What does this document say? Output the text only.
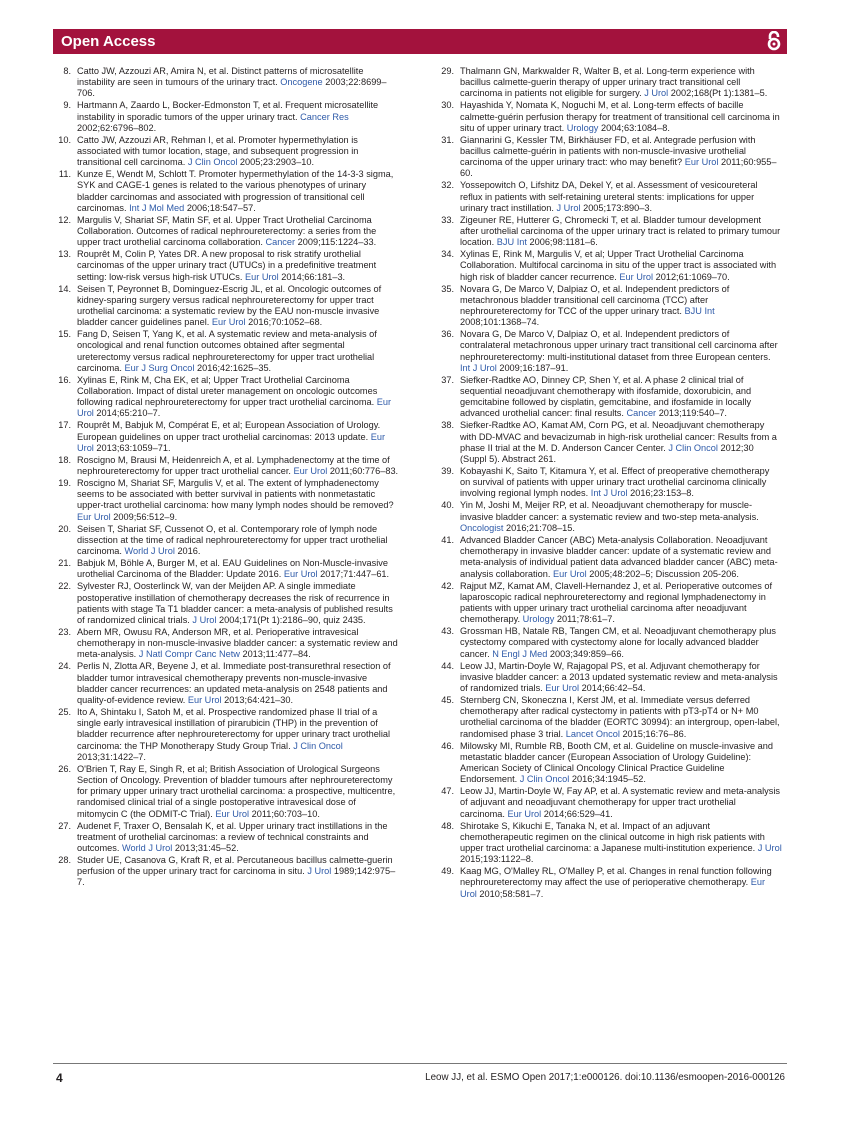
Open Access
8. Catto JW, Azzouzi AR, Amira N, et al. Distinct patterns of microsatellite instability are seen in tumours of the urinary tract. Oncogene 2003;22:8699–706.
9. Hartmann A, Zaardo L, Bocker-Edmonston T, et al. Frequent microsatellite instability in sporadic tumors of the upper urinary tract. Cancer Res 2002;62:6796–802.
10. Catto JW, Azzouzi AR, Rehman I, et al. Promoter hypermethylation is associated with tumor location, stage, and subsequent progression in transitional cell carcinoma. J Clin Oncol 2005;23:2903–10.
11. Kunze E, Wendt M, Schlott T. Promoter hypermethylation of the 14-3-3 sigma, SYK and CAGE-1 genes is related to the various phenotypes of urinary bladder carcinomas and associated with progression of transitional cell carcinomas. Int J Mol Med 2006;18:547–57.
12. Margulis V, Shariat SF, Matin SF, et al. Upper Tract Urothelial Carcinoma Collaboration. Outcomes of radical nephroureterectomy: a series from the upper tract urothelial carcinoma collaboration. Cancer 2009;115:1224–33.
13. Rouprêt M, Colin P, Yates DR. A new proposal to risk stratify urothelial carcinomas of the upper urinary tract (UTUCs) in a predefinitive treatment setting: low-risk versus high-risk UTUCs. Eur Urol 2014;66:181–3.
14. Seisen T, Peyronnet B, Dominguez-Escrig JL, et al. Oncologic outcomes of kidney-sparing surgery versus radical nephroureterectomy for upper tract urothelial carcinoma: a systematic review by the EAU non-muscle invasive bladder cancer guidelines panel. Eur Urol 2016;70:1052–68.
15. Fang D, Seisen T, Yang K, et al. A systematic review and meta-analysis of oncological and renal function outcomes obtained after segmental ureterectomy versus radical nephroureterectomy for upper tract urothelial carcinoma. Eur J Surg Oncol 2016;42:1625–35.
16. Xylinas E, Rink M, Cha EK, et al; Upper Tract Urothelial Carcinoma Collaboration. Impact of distal ureter management on oncologic outcomes following radical nephroureterectomy for upper tract urothelial carcinoma. Eur Urol 2014;65:210–7.
17. Rouprêt M, Babjuk M, Compérat E, et al; European Association of Urology. European guidelines on upper tract urothelial carcinomas: 2013 update. Eur Urol 2013;63:1059–71.
18. Roscigno M, Brausi M, Heidenreich A, et al. Lymphadenectomy at the time of nephroureterectomy for upper tract urothelial cancer. Eur Urol 2011;60:776–83.
19. Roscigno M, Shariat SF, Margulis V, et al. The extent of lymphadenectomy seems to be associated with better survival in patients with nonmetastatic upper-tract urothelial carcinoma: how many lymph nodes should be removed? Eur Urol 2009;56:512–9.
20. Seisen T, Shariat SF, Cussenot O, et al. Contemporary role of lymph node dissection at the time of radical nephroureterectomy for upper tract urothelial carcinoma. World J Urol 2016.
21. Babjuk M, Böhle A, Burger M, et al. EAU Guidelines on Non-Muscle-invasive urothelial Carcinoma of the Bladder: Update 2016. Eur Urol 2017;71:447–61.
22. Sylvester RJ, Oosterlinck W, van der Meijden AP. A single immediate postoperative instillation of chemotherapy decreases the risk of recurrence in patients with stage Ta T1 bladder cancer: a meta-analysis of published results of randomized clinical trials. J Urol 2004;171(Pt 1):2186–90, quiz 2435.
23. Abern MR, Owusu RA, Anderson MR, et al. Perioperative intravesical chemotherapy in non-muscle-invasive bladder cancer: a systematic review and meta-analysis. J Natl Compr Canc Netw 2013;11:477–84.
24. Perlis N, Zlotta AR, Beyene J, et al. Immediate post-transurethral resection of bladder tumor intravesical chemotherapy prevents non-muscle-invasive bladder cancer recurrences: an updated meta-analysis on 2548 patients and quality-of-evidence review. Eur Urol 2013;64:421–30.
25. Ito A, Shintaku I, Satoh M, et al. Prospective randomized phase II trial of a single early intravesical instillation of pirarubicin (THP) in the prevention of bladder recurrence after nephroureterectomy for upper urinary tract urothelial carcinoma: the THP Monotherapy Study Group Trial. J Clin Oncol 2013;31:1422–7.
26. O'Brien T, Ray E, Singh R, et al; British Association of Urological Surgeons Section of Oncology. Prevention of bladder tumours after nephroureterectomy for primary upper urinary tract urothelial carcinoma: a prospective, multicentre, randomised clinical trial of a single postoperative intravesical dose of mitomycin C (the ODMIT-C Trial). Eur Urol 2011;60:703–10.
27. Audenet F, Traxer O, Bensalah K, et al. Upper urinary tract instillations in the treatment of urothelial carcinomas: a review of technical constraints and outcomes. World J Urol 2013;31:45–52.
28. Studer UE, Casanova G, Kraft R, et al. Percutaneous bacillus calmette-guerin perfusion of the upper urinary tract for carcinoma in situ. J Urol 1989;142:975–7.
29. Thalmann GN, Markwalder R, Walter B, et al. Long-term experience with bacillus calmette-guerin therapy of upper urinary tract transitional cell carcinoma in patients not eligible for surgery. J Urol 2002;168(Pt 1):1381–5.
30. Hayashida Y, Nomata K, Noguchi M, et al. Long-term effects of bacille calmette-guérin perfusion therapy for treatment of transitional cell carcinoma in situ of upper urinary tract. Urology 2004;63:1084–8.
31. Giannarini G, Kessler TM, Birkhäuser FD, et al. Antegrade perfusion with bacillus calmette-guérin in patients with non-muscle-invasive urothelial carcinoma of the upper urinary tract: who may benefit? Eur Urol 2011;60:955–60.
32. Yossepowitch O, Lifshitz DA, Dekel Y, et al. Assessment of vesicoureteral reflux in patients with self-retaining ureteral stents: implications for upper urinary tract instillation. J Urol 2005;173:890–3.
33. Zigeuner RE, Hutterer G, Chromecki T, et al. Bladder tumour development after urothelial carcinoma of the upper urinary tract is related to primary tumour location. BJU Int 2006;98:1181–6.
34. Xylinas E, Rink M, Margulis V, et al; Upper Tract Urothelial Carcinoma Collaboration. Multifocal carcinoma in situ of the upper tract is associated with high risk of bladder cancer recurrence. Eur Urol 2012;61:1069–70.
35. Novara G, De Marco V, Dalpiaz O, et al. Independent predictors of metachronous bladder transitional cell carcinoma (TCC) after nephroureterectomy for TCC of the upper urinary tract. BJU Int 2008;101:1368–74.
36. Novara G, De Marco V, Dalpiaz O, et al. Independent predictors of contralateral metachronous upper urinary tract transitional cell carcinoma after nephroureterectomy: multi-institutional dataset from three European centers. Int J Urol 2009;16:187–91.
37. Siefker-Radtke AO, Dinney CP, Shen Y, et al. A phase 2 clinical trial of sequential neoadjuvant chemotherapy with ifosfamide, doxorubicin, and gemcitabine followed by cisplatin, gemcitabine, and ifosfamide in locally advanced urothelial cancer: final results. Cancer 2013;119:540–7.
38. Siefker-Radtke AO, Kamat AM, Corn PG, et al. Neoadjuvant chemotherapy with DD-MVAC and bevacizumab in high-risk urothelial cancer: Results from a phase II trial at the M. D. Anderson Cancer Center. J Clin Oncol 2012;30 (Suppl 5). Abstract 261.
39. Kobayashi K, Saito T, Kitamura Y, et al. Effect of preoperative chemotherapy on survival of patients with upper urinary tract urothelial carcinoma clinically involving regional lymph nodes. Int J Urol 2016;23:153–8.
40. Yin M, Joshi M, Meijer RP, et al. Neoadjuvant chemotherapy for muscle-invasive bladder cancer: a systematic review and two-step meta-analysis. Oncologist 2016;21:708–15.
41. Advanced Bladder Cancer (ABC) Meta-analysis Collaboration. Neoadjuvant chemotherapy in invasive bladder cancer: update of a systematic review and meta-analysis of individual patient data advanced bladder cancer (ABC) meta-analysis collaboration. Eur Urol 2005;48:202–5; Discussion 205-206.
42. Rajput MZ, Kamat AM, Clavell-Hernandez J, et al. Perioperative outcomes of laparoscopic radical nephroureterectomy and regional lymphadenectomy in patients with upper urinary tract urothelial carcinoma after neoadjuvant chemotherapy. Urology 2011;78:61–7.
43. Grossman HB, Natale RB, Tangen CM, et al. Neoadjuvant chemotherapy plus cystectomy compared with cystectomy alone for locally advanced bladder cancer. N Engl J Med 2003;349:859–66.
44. Leow JJ, Martin-Doyle W, Rajagopal PS, et al. Adjuvant chemotherapy for invasive bladder cancer: a 2013 updated systematic review and meta-analysis of randomized trials. Eur Urol 2014;66:42–54.
45. Sternberg CN, Skoneczna I, Kerst JM, et al. Immediate versus deferred chemotherapy after radical cystectomy in patients with pT3-pT4 or N+ M0 urothelial carcinoma of the bladder (EORTC 30994): an intergroup, open-label, randomised phase 3 trial. Lancet Oncol 2015;16:76–86.
46. Milowsky MI, Rumble RB, Booth CM, et al. Guideline on muscle-invasive and metastatic bladder cancer (European Association of Urology Guideline): American Society of Clinical Oncology Clinical Practice Guideline Endorsement. J Clin Oncol 2016;34:1945–52.
47. Leow JJ, Martin-Doyle W, Fay AP, et al. A systematic review and meta-analysis of adjuvant and neoadjuvant chemotherapy for upper tract urothelial carcinoma. Eur Urol 2014;66:529–41.
48. Shirotake S, Kikuchi E, Tanaka N, et al. Impact of an adjuvant chemotherapeutic regimen on the clinical outcome in high risk patients with upper tract urothelial carcinoma: a Japanese multi-institution experience. J Urol 2015;193:1122–8.
49. Kaag MG, O'Malley RL, O'Malley P, et al. Changes in renal function following nephroureterectomy may affect the use of perioperative chemotherapy. Eur Urol 2010;58:581–7.
4	Leow JJ, et al. ESMO Open 2017;1:e000126. doi:10.1136/esmoopen-2016-000126
